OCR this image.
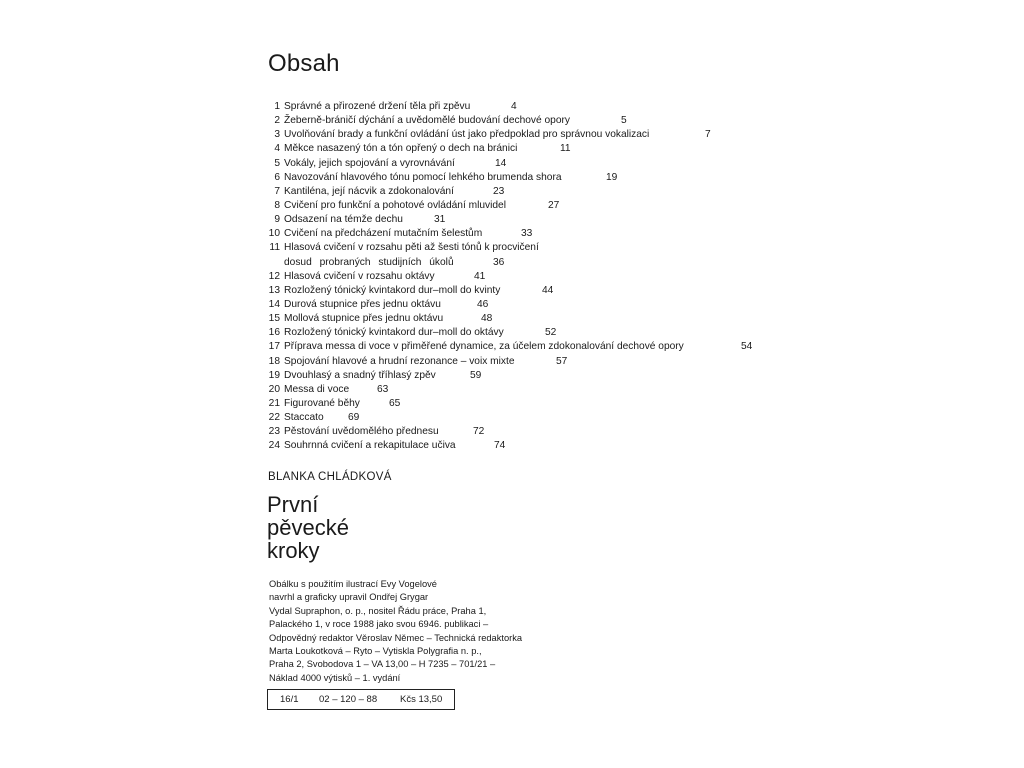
Obsah
1 Správné a přirozené držení těla při zpěvu	4
2 Žeberně-bráničí dýchání a uvědomělé budování dechové opory	5
3 Uvolňování brady a funkční ovládání úst jako předpoklad pro správnou vokalizaci	7
4 Měkce nasazený tón a tón opřený o dech na bránici	11
5 Vokály, jejich spojování a vyrovnávání	14
6 Navozování hlavového tónu pomocí lehkého brumenda shora	19
7 Kantiléna, její nácvik a zdokonalování	23
8 Cvičení pro funkční a pohotové ovládání mluvidel	27
9 Odsazení na témže dechu	31
10 Cvičení na předcházení mutačním šelestům	33
11 Hlasová cvičení v rozsahu pěti až šesti tónů k procvičení
dosud probraných studijních úkolů	36
12 Hlasová cvičení v rozsahu oktávy	41
13 Rozložený tónický kvintakord dur–moll do kvinty	44
14 Durová stupnice přes jednu oktávu	46
15 Mollová stupnice přes jednu oktávu	48
16 Rozložený tónický kvintakord dur–moll do oktávy	52
17 Příprava messa di voce v přiměřené dynamice, za účelem zdokonalování dechové opory	54
18 Spojování hlavové a hrudní rezonance – voix mixte	57
19 Dvouhlasý a snadný tříhlasý zpěv	59
20 Messa di voce	63
21 Figurované běhy	65
22 Staccato 69
23 Pěstování uvědomělého přednesu	72
24 Souhrnná cvičení a rekapitulace učiva	74
BLANKA CHLÁDKOVÁ
První
pěvecké
kroky
Obálku s použitím ilustrací Evy Vogelové
navrhl a graficky upravil Ondřej Grygar
Vydal Supraphon, o. p., nositel Řádu práce, Praha 1,
Palackého 1, v roce 1988 jako svou 6946. publikaci –
Odpovědný redaktor Věroslav Němec – Technická redaktorka
Marta Loukotková – Ryto – Vytiskla Polygrafia n. p.,
Praha 2, Svobodova 1 – VA 13,00 – H 7235 – 701/21 –
Náklad 4000 výtisků – 1. vydání
16/1 02 – 120 – 88 Kčs 13,50
